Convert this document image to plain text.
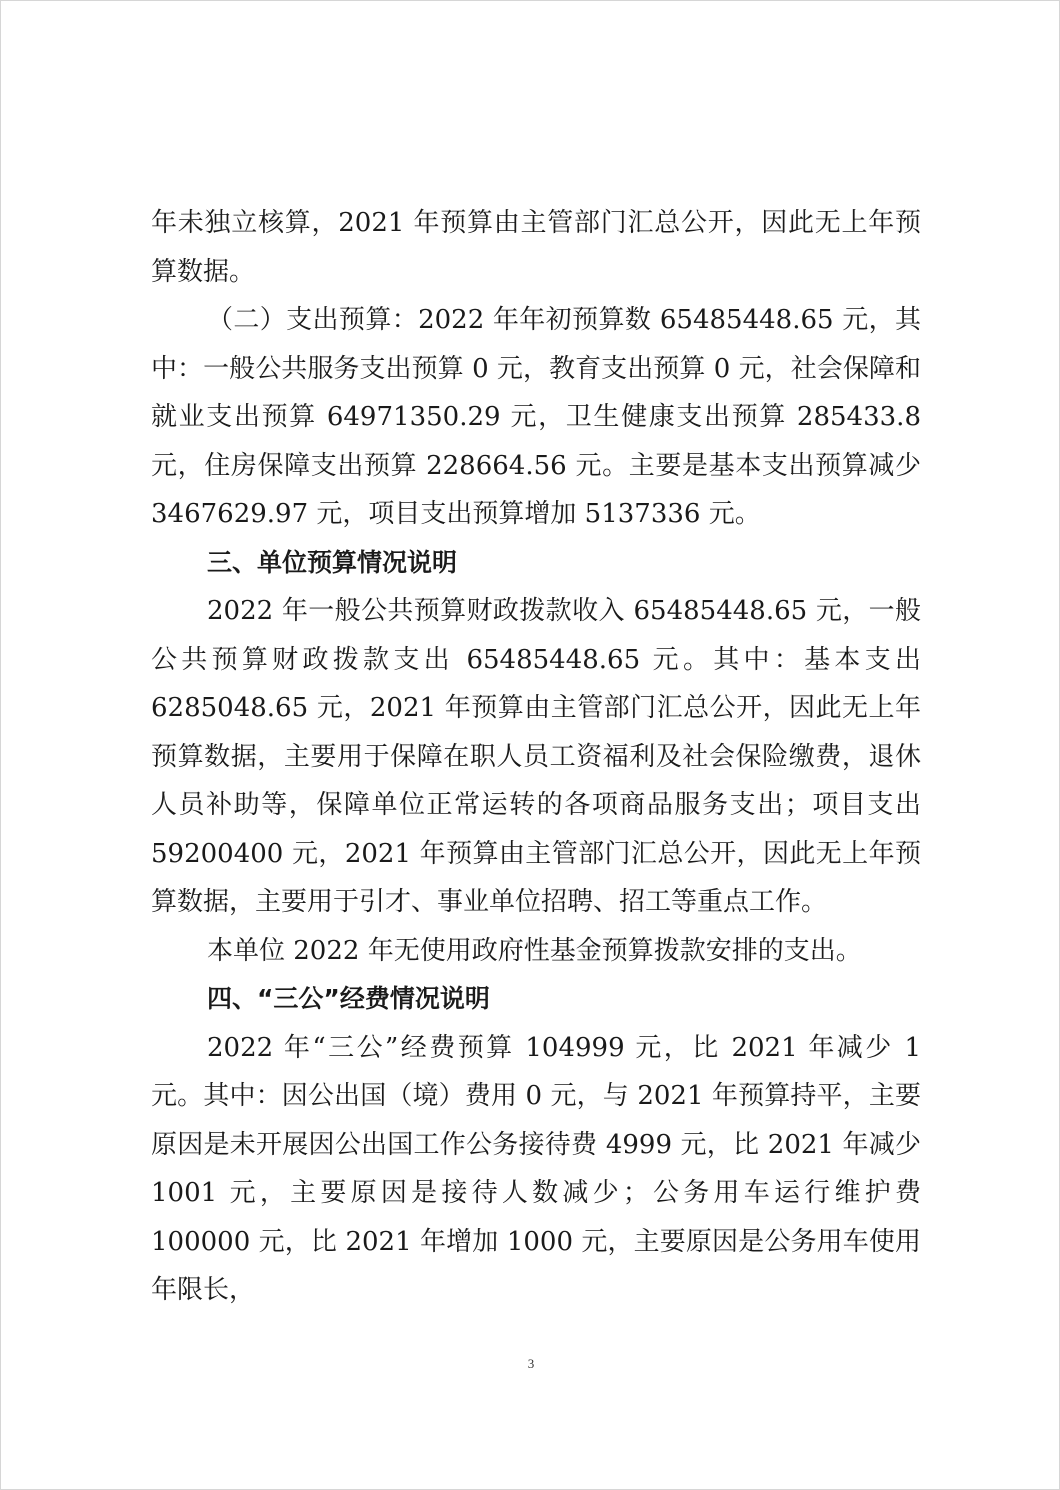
年未独立核算，2021 年预算由主管部门汇总公开，因此无上年预算数据。

（二）支出预算：2022 年年初预算数 65485448.65 元，其中：一般公共服务支出预算 0 元，教育支出预算 0 元，社会保障和就业支出预算 64971350.29 元，卫生健康支出预算 285433.8 元，住房保障支出预算 228664.56 元。主要是基本支出预算减少 3467629.97 元，项目支出预算增加 5137336 元。

三、单位预算情况说明

2022 年一般公共预算财政拨款收入 65485448.65 元，一般公共预算财政拨款支出 65485448.65 元。其中：基本支出 6285048.65 元，2021 年预算由主管部门汇总公开，因此无上年预算数据，主要用于保障在职人员工资福利及社会保险缴费，退休人员补助等，保障单位正常运转的各项商品服务支出；项目支出 59200400 元，2021 年预算由主管部门汇总公开，因此无上年预算数据，主要用于引才、事业单位招聘、招工等重点工作。

本单位 2022 年无使用政府性基金预算拨款安排的支出。

四、“三公”经费情况说明

2022 年“三公”经费预算 104999 元，比 2021 年减少 1 元。其中：因公出国（境）费用 0 元，与 2021 年预算持平，主要原因是未开展因公出国工作公务接待费 4999 元，比 2021 年减少 1001 元，主要原因是接待人数减少；公务用车运行维护费 100000 元，比 2021 年增加 1000 元，主要原因是公务用车使用年限长，

3
